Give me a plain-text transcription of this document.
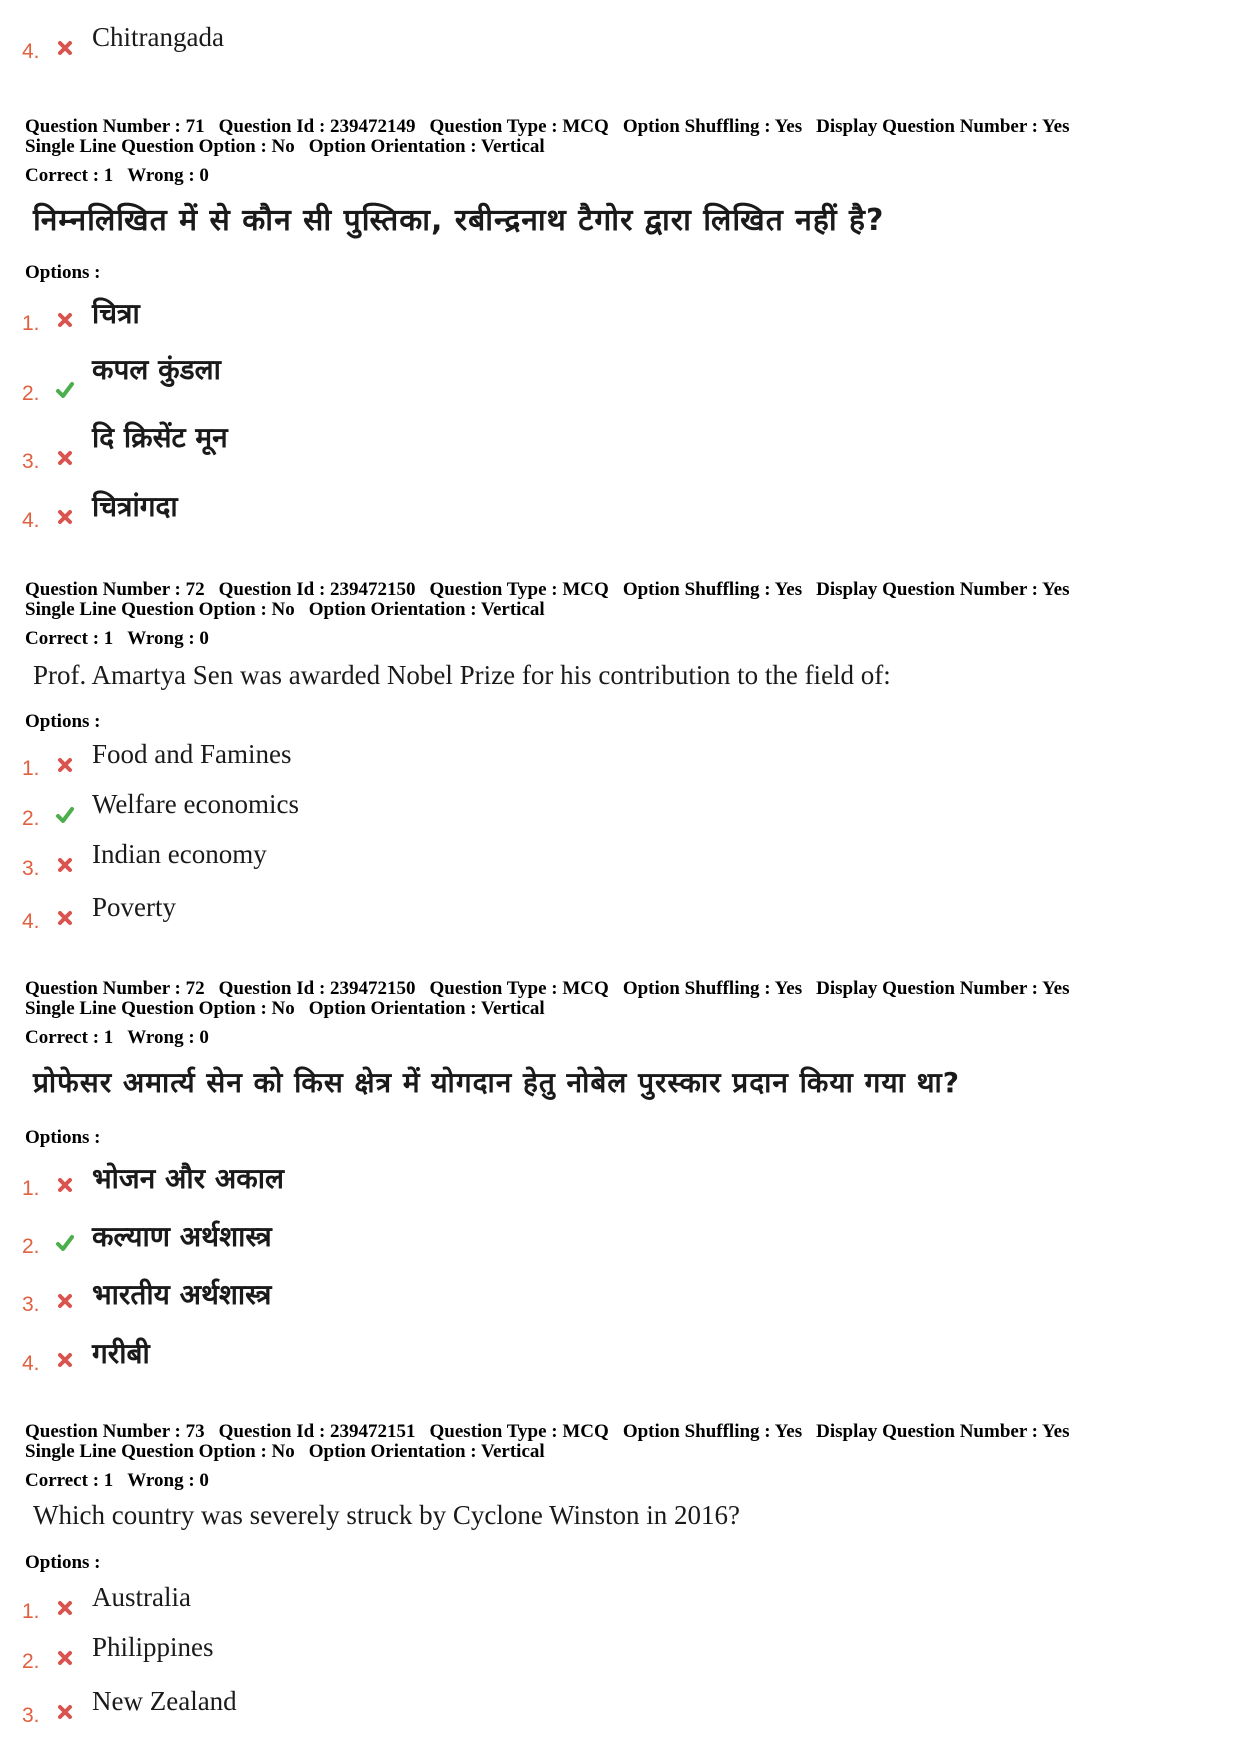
4. Chitrangada
Question Number : 71 Question Id : 239472149 Question Type : MCQ Option Shuffling : Yes Display Question Number : Yes
Single Line Question Option : No Option Orientation : Vertical
Correct : 1 Wrong : 0
निम्नलिखित में से कौन सी पुस्तिका, रबीन्द्रनाथ टैगोर द्वारा लिखित नहीं है?
Options :
1. चित्रा
2.
कपल कुंडला
3.
दि क्रिसेंट मून
4. चित्रांगदा
Question Number : 72 Question Id : 239472150 Question Type : MCQ Option Shuffling : Yes Display Question Number : Yes
Single Line Question Option : No Option Orientation : Vertical
Correct : 1 Wrong : 0
Prof. Amartya Sen was awarded Nobel Prize for his contribution to the field of:
Options :
1. Food and Famines
2. Welfare economics
3. Indian economy
4. Poverty
Question Number : 72 Question Id : 239472150 Question Type : MCQ Option Shuffling : Yes Display Question Number : Yes
Single Line Question Option : No Option Orientation : Vertical
Correct : 1 Wrong : 0
प्रोफेसर अमार्त्य सेन को किस क्षेत्र में योगदान हेतु नोबेल पुरस्कार प्रदान किया गया था?
Options :
1. भोजन और अकाल
2. कल्याण अर्थशास्त्र
3. भारतीय अर्थशास्त्र
4. गरीबी
Question Number : 73 Question Id : 239472151 Question Type : MCQ Option Shuffling : Yes Display Question Number : Yes
Single Line Question Option : No Option Orientation : Vertical
Correct : 1 Wrong : 0
Which country was severely struck by Cyclone Winston in 2016?
Options :
1. Australia
2. Philippines
3. New Zealand
